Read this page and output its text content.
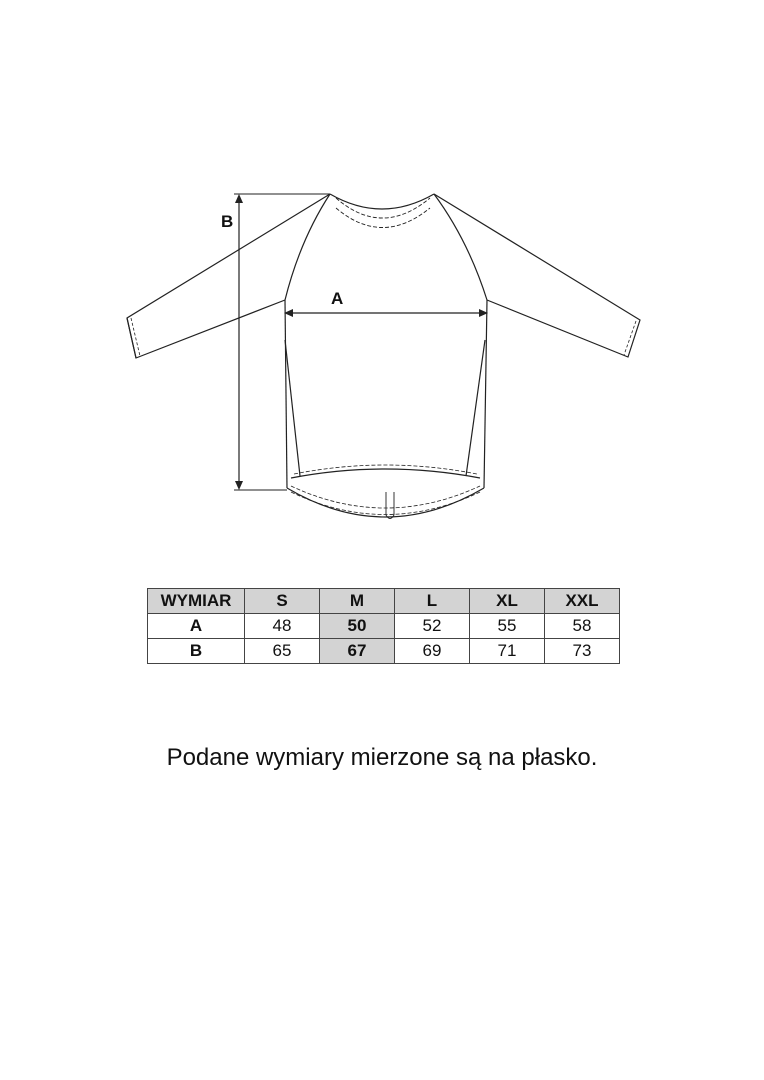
A
B
WYMIAR	S	M	L	XL	XXL
A	48	50	52	55	58
B	65	67	69	71	73
Podane wymiary mierzone są na płasko.
